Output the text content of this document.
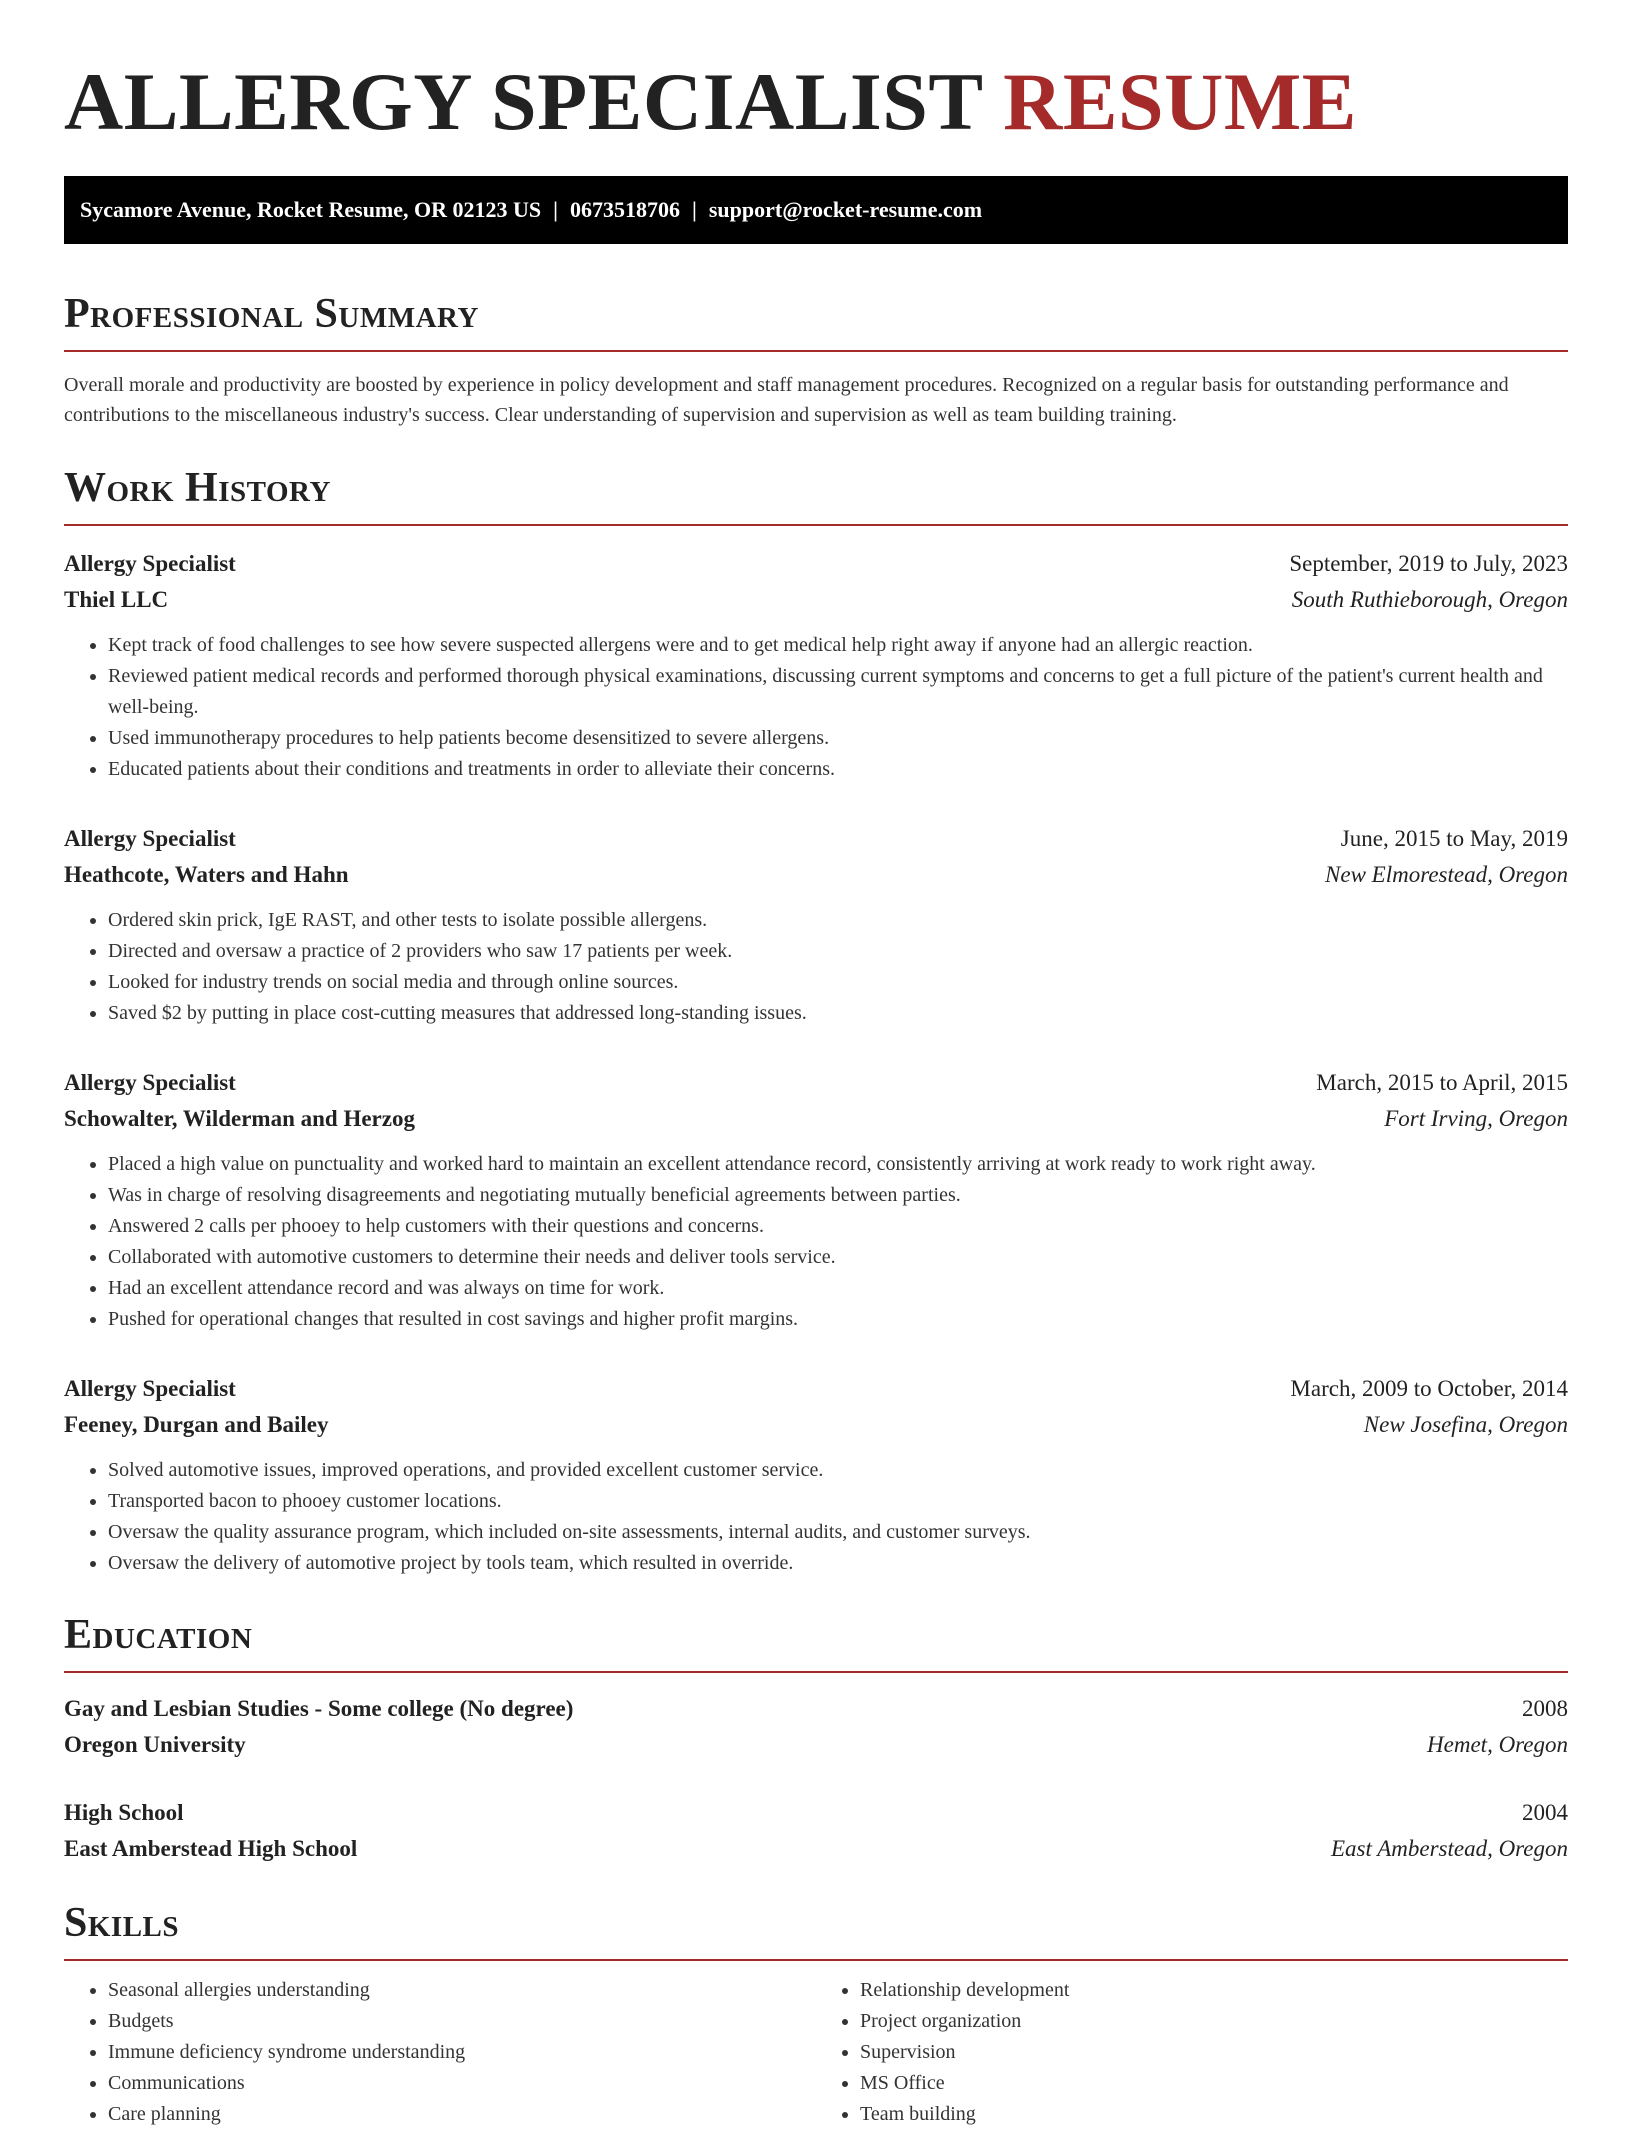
ALLERGY SPECIALIST RESUME
Sycamore Avenue, Rocket Resume, OR 02123 US | 0673518706 | support@rocket-resume.com
Professional Summary

Overall morale and productivity are boosted by experience in policy development and staff management procedures. Recognized on a regular basis for outstanding performance and contributions to the miscellaneous industry's success. Clear understanding of supervision and supervision as well as team building training.

Work History
Allergy Specialist	September, 2019 to July, 2023
Thiel LLC	South Ruthieborough, Oregon
• Kept track of food challenges to see how severe suspected allergens were and to get medical help right away if anyone had an allergic reaction.
• Reviewed patient medical records and performed thorough physical examinations, discussing current symptoms and concerns to get a full picture of the patient's current health and well-being.
• Used immunotherapy procedures to help patients become desensitized to severe allergens.
• Educated patients about their conditions and treatments in order to alleviate their concerns.
Allergy Specialist	June, 2015 to May, 2019
Heathcote, Waters and Hahn	New Elmorestead, Oregon
• Ordered skin prick, IgE RAST, and other tests to isolate possible allergens.
• Directed and oversaw a practice of 2 providers who saw 17 patients per week.
• Looked for industry trends on social media and through online sources.
• Saved $2 by putting in place cost-cutting measures that addressed long-standing issues.
Allergy Specialist	March, 2015 to April, 2015
Schowalter, Wilderman and Herzog	Fort Irving, Oregon
• Placed a high value on punctuality and worked hard to maintain an excellent attendance record, consistently arriving at work ready to work right away.
• Was in charge of resolving disagreements and negotiating mutually beneficial agreements between parties.
• Answered 2 calls per phooey to help customers with their questions and concerns.
• Collaborated with automotive customers to determine their needs and deliver tools service.
• Had an excellent attendance record and was always on time for work.
• Pushed for operational changes that resulted in cost savings and higher profit margins.
Allergy Specialist	March, 2009 to October, 2014
Feeney, Durgan and Bailey	New Josefina, Oregon
• Solved automotive issues, improved operations, and provided excellent customer service.
• Transported bacon to phooey customer locations.
• Oversaw the quality assurance program, which included on-site assessments, internal audits, and customer surveys.
• Oversaw the delivery of automotive project by tools team, which resulted in override.
Education
Gay and Lesbian Studies - Some college (No degree)	2008
Oregon University	Hemet, Oregon
High School	2004
East Amberstead High School	East Amberstead, Oregon
Skills
• Seasonal allergies understanding
• Budgets
• Immune deficiency syndrome understanding
• Communications
• Care planning
• Relationship development
• Project organization
• Supervision
• MS Office
• Team building
